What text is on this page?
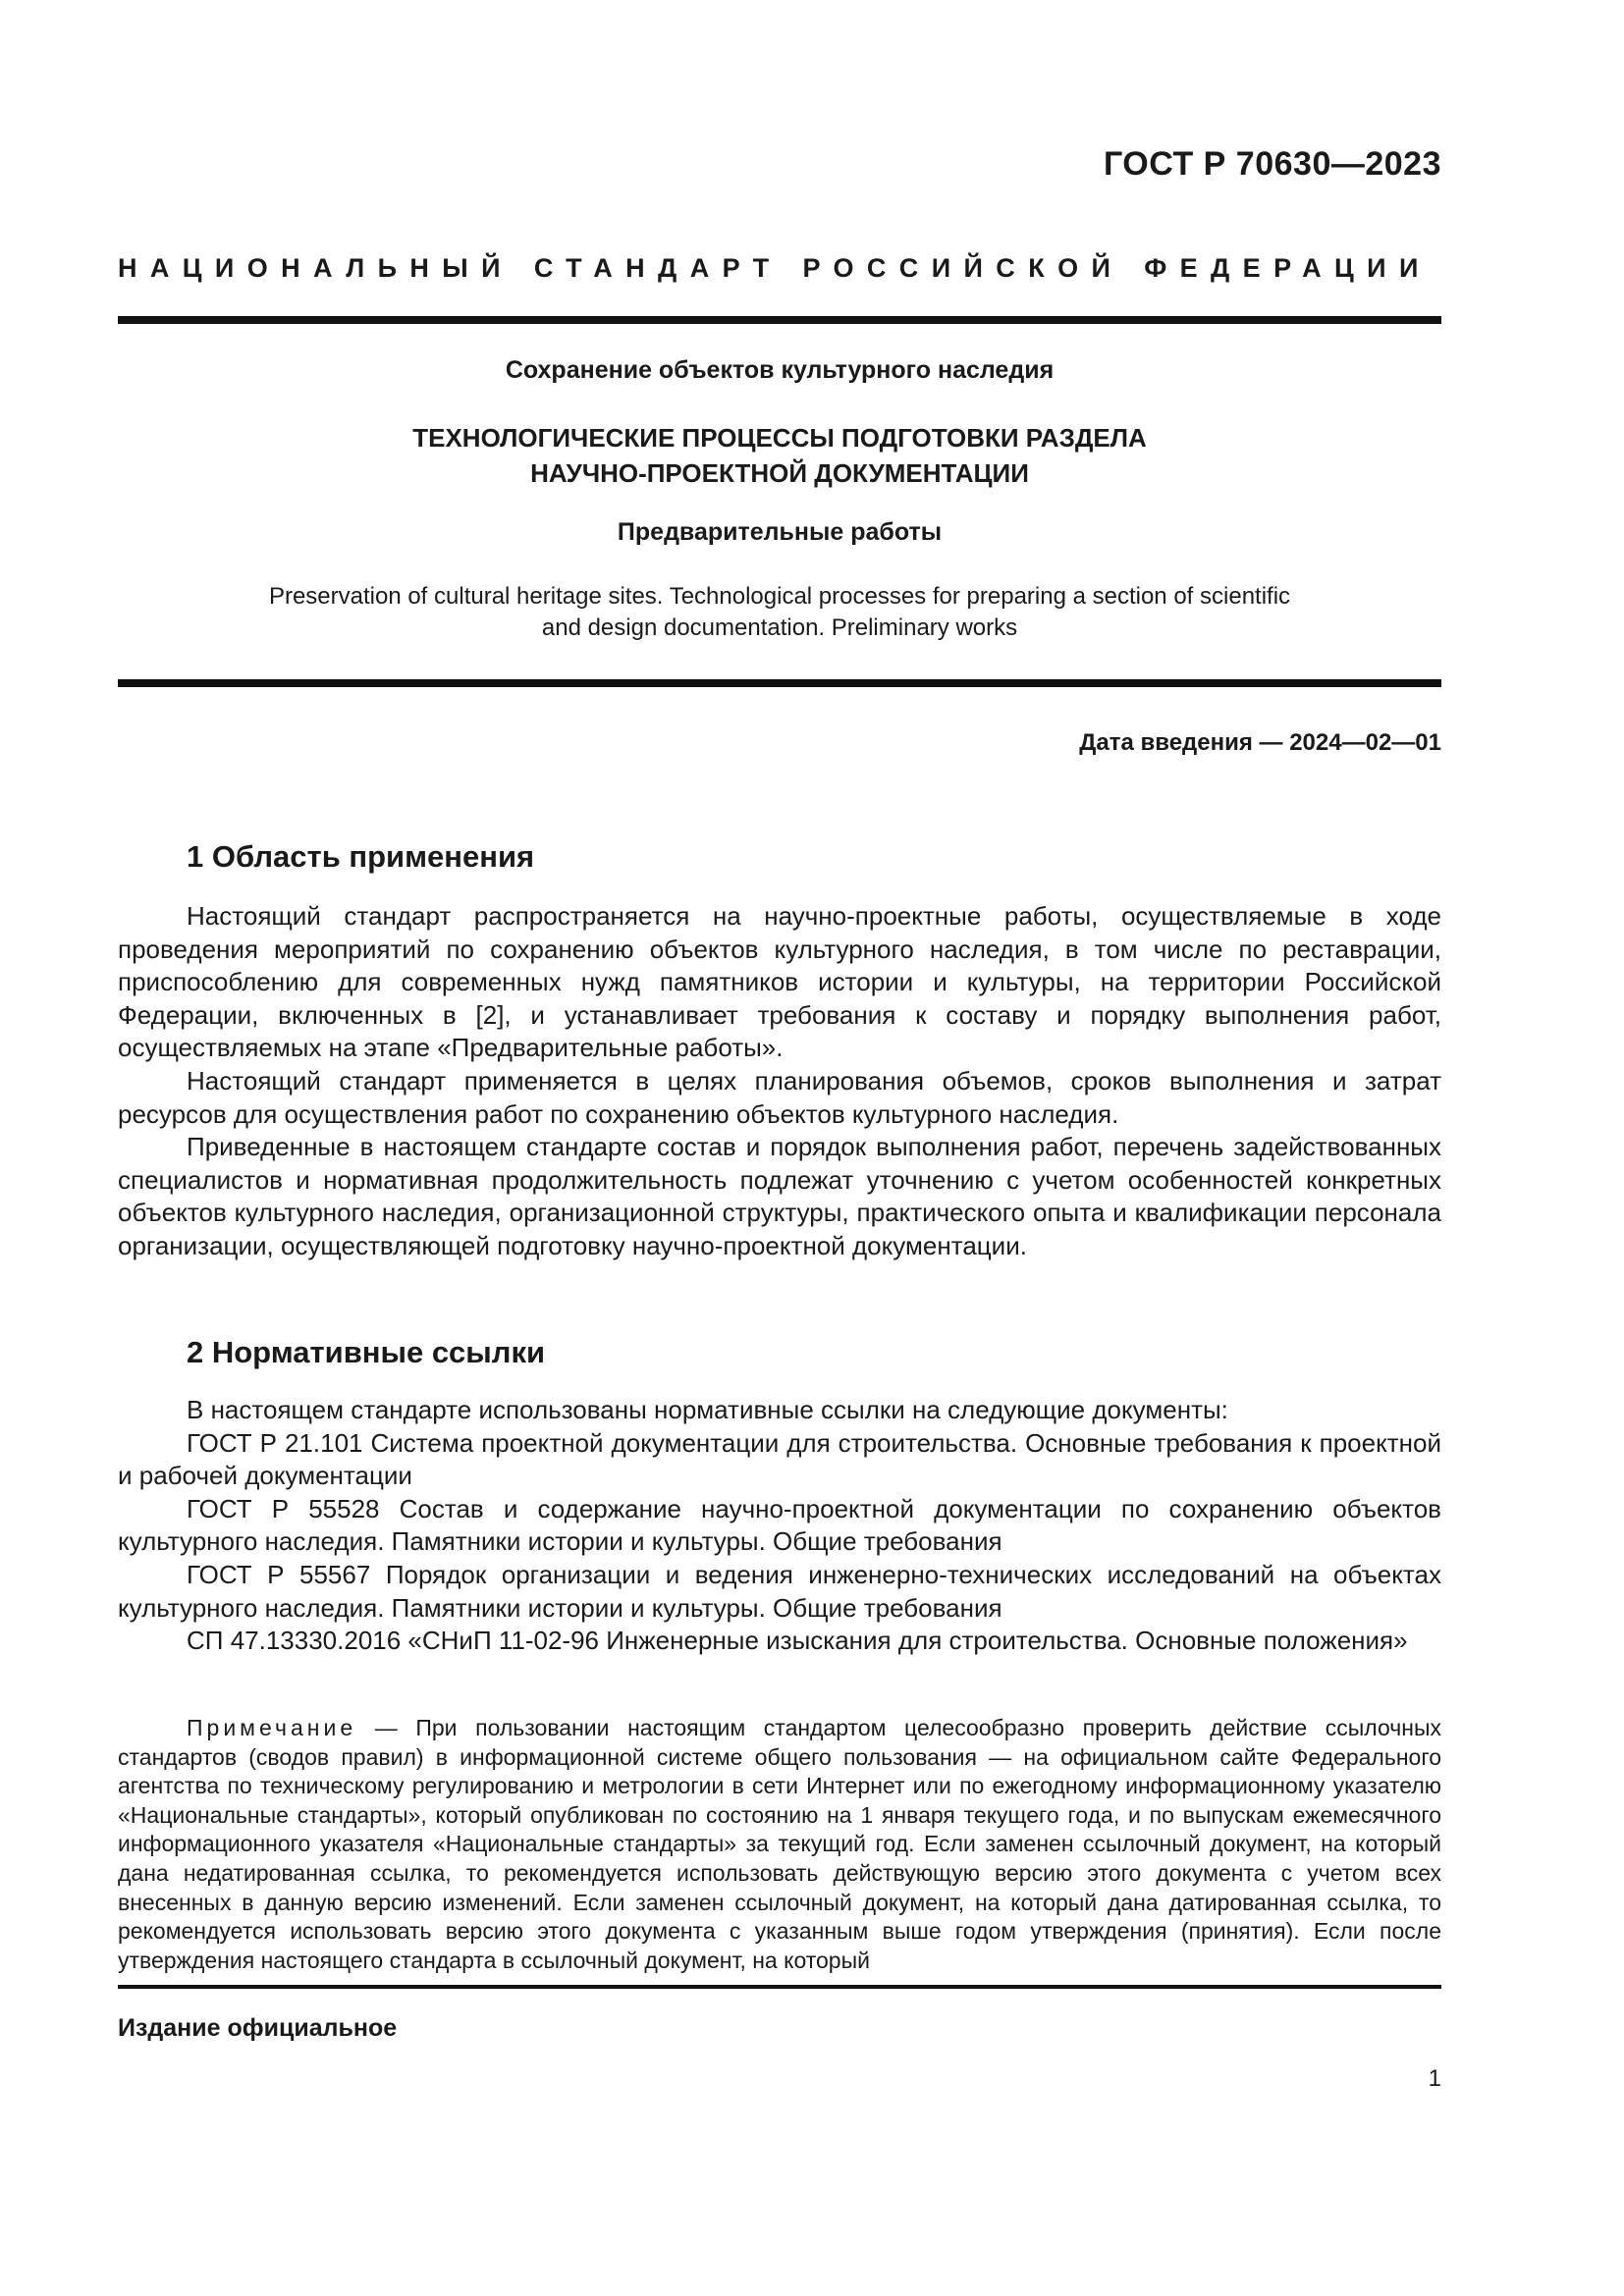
ГОСТ Р 70630—2023
НАЦИОНАЛЬНЫЙ СТАНДАРТ РОССИЙСКОЙ ФЕДЕРАЦИИ
Сохранение объектов культурного наследия
ТЕХНОЛОГИЧЕСКИЕ ПРОЦЕССЫ ПОДГОТОВКИ РАЗДЕЛА
НАУЧНО-ПРОЕКТНОЙ ДОКУМЕНТАЦИИ
Предварительные работы
Preservation of cultural heritage sites. Technological processes for preparing a section of scientific
and design documentation. Preliminary works
Дата введения — 2024—02—01
1 Область применения

Настоящий стандарт распространяется на научно-проектные работы, осуществляемые в ходе проведения мероприятий по сохранению объектов культурного наследия, в том числе по реставрации, приспособлению для современных нужд памятников истории и культуры, на территории Российской Федерации, включенных в [2], и устанавливает требования к составу и порядку выполнения работ, осуществляемых на этапе «Предварительные работы».

Настоящий стандарт применяется в целях планирования объемов, сроков выполнения и затрат ресурсов для осуществления работ по сохранению объектов культурного наследия.

Приведенные в настоящем стандарте состав и порядок выполнения работ, перечень задействованных специалистов и нормативная продолжительность подлежат уточнению с учетом особенностей конкретных объектов культурного наследия, организационной структуры, практического опыта и квалификации персонала организации, осуществляющей подготовку научно-проектной документации.

2 Нормативные ссылки

В настоящем стандарте использованы нормативные ссылки на следующие документы:

ГОСТ Р 21.101 Система проектной документации для строительства. Основные требования к проектной и рабочей документации

ГОСТ Р 55528 Состав и содержание научно-проектной документации по сохранению объектов культурного наследия. Памятники истории и культуры. Общие требования

ГОСТ Р 55567 Порядок организации и ведения инженерно-технических исследований на объектах культурного наследия. Памятники истории и культуры. Общие требования

СП 47.13330.2016 «СНиП 11-02-96 Инженерные изыскания для строительства. Основные положения»

Примечание — При пользовании настоящим стандартом целесообразно проверить действие ссылочных стандартов (сводов правил) в информационной системе общего пользования — на официальном сайте Федерального агентства по техническому регулированию и метрологии в сети Интернет или по ежегодному информационному указателю «Национальные стандарты», который опубликован по состоянию на 1 января текущего года, и по выпускам ежемесячного информационного указателя «Национальные стандарты» за текущий год. Если заменен ссылочный документ, на который дана недатированная ссылка, то рекомендуется использовать действующую версию этого документа с учетом всех внесенных в данную версию изменений. Если заменен ссылочный документ, на который дана датированная ссылка, то рекомендуется использовать версию этого документа с указанным выше годом утверждения (принятия). Если после утверждения настоящего стандарта в ссылочный документ, на который

Издание официальное
1
